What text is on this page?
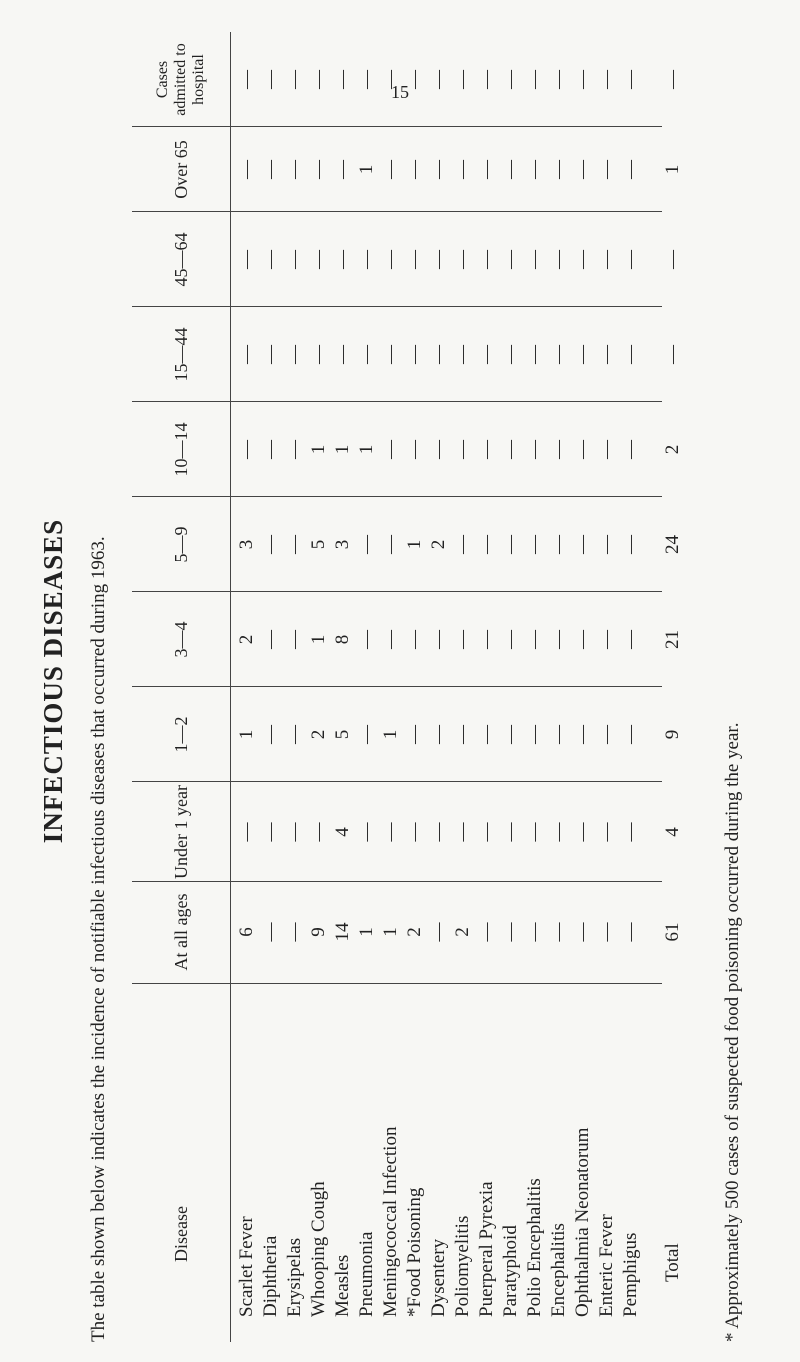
15
INFECTIOUS DISEASES The table shown below indicates the incidence of notifiable infectious diseases that occurred during 1963.	Disease
At all ages
Under 1 year
1—2
3—4
5—9
10—14
15—44
45—64
Over 65
Cases admitted to hospital
Scarlet Fever
6
—
1
2
3
—
—
—
—
—
Diphtheria
—
—
—
—
—
—
—
—
—
—
Erysipelas
—
—
—
—
—
—
—
—
—
—
Whooping Cough
9
—
2
1
5
1
—
—
—
—
Measles
14
4
5
8
3
1
—
—
—
—
Pneumonia
1
—
—
—
—
1
—
—
1
—
Meningococcal Infection
1
—
1
—
—
—
—
—
—
—
*Food Poisoning
2
—
—
—
1
—
—
—
—
—
Dysentery
—
—
—
—
2
—
—
—
—
—
Poliomyelitis
2
—
—
—
—
—
—
—
—
—
Puerperal Pyrexia
—
—
—
—
—
—
—
—
—
—
Paratyphoid
—
—
—
—
—
—
—
—
—
—
Polio Encephalitis
—
—
—
—
—
—
—
—
—
—
Encephalitis
—
—
—
—
—
—
—
—
—
—
Ophthalmia Neonatorum
—
—
—
—
—
—
—
—
—
—
Enteric Fever
—
—
—
—
—
—
—
—
—
—
Pemphigus
—
—
—
—
—
—
—
—
—
—
Total
61
4
9
21
24
2
—
—
1
—
* Approximately 500 cases of suspected food poisoning occurred during the year.
